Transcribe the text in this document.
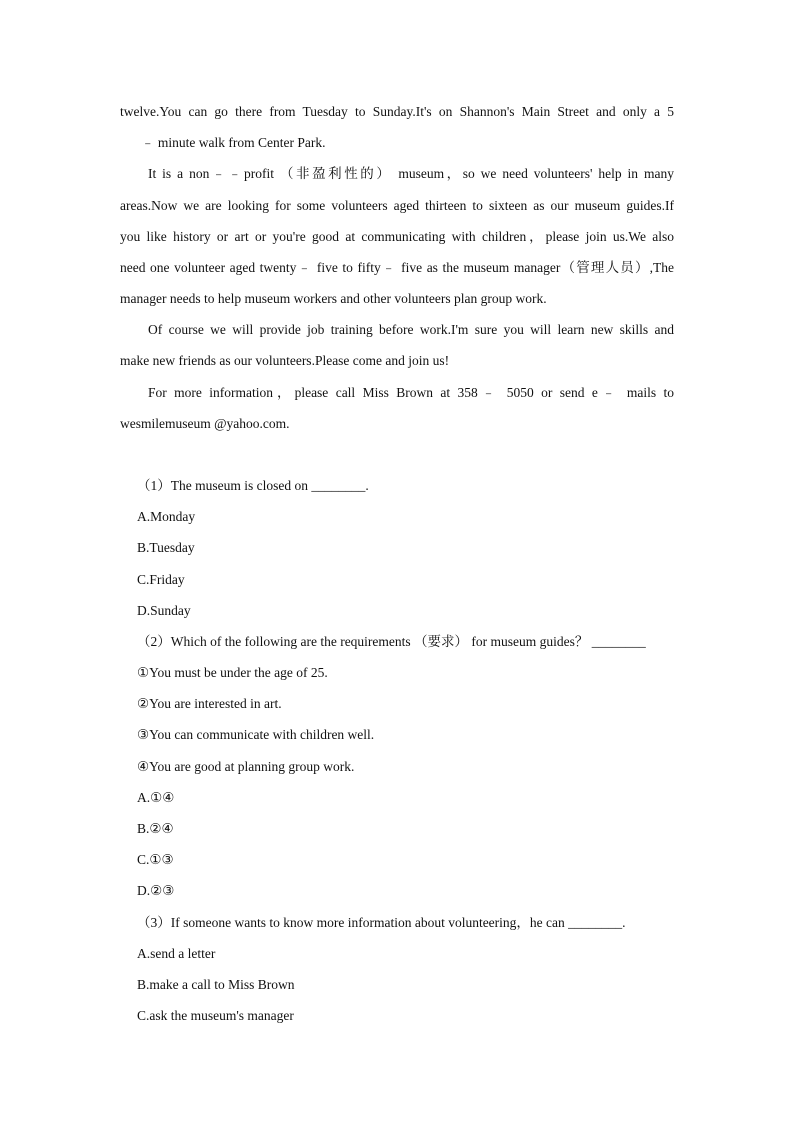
twelve.You can go there from Tuesday to Sunday.It's on Shannon's Main Street and only a 5
﹣ minute walk from Center Park.
It is a non﹣﹣profit （非盈利性的） museum，so we need volunteers' help in many
areas.Now we are looking for some volunteers aged thirteen to sixteen as our museum guides.If
you like history or art or you're good at communicating with children，please join us.We also
need one volunteer aged twenty﹣ five to fifty﹣ five as the museum manager（管理人员）,The
manager needs to help museum workers and other volunteers plan group work.
Of course we will provide job training before work.I'm sure you will learn new skills and
make new friends as our volunteers.Please come and join us!
For more information，please call Miss Brown at 358﹣ 5050 or send e﹣ mails to
wesmilemuseum @yahoo.com.
（1）The museum is closed on ________.
A.Monday
B.Tuesday
C.Friday
D.Sunday
（2）Which of the following are the requirements （要求） for museum guides？ ________
①You must be under the age of 25.
②You are interested in art.
③You can communicate with children well.
④You are good at planning group work.
A.①④
B.②④
C.①③
D.②③
（3）If someone wants to know more information about volunteering，he can ________.
A.send a letter
B.make a call to Miss Brown
C.ask the museum's manager
